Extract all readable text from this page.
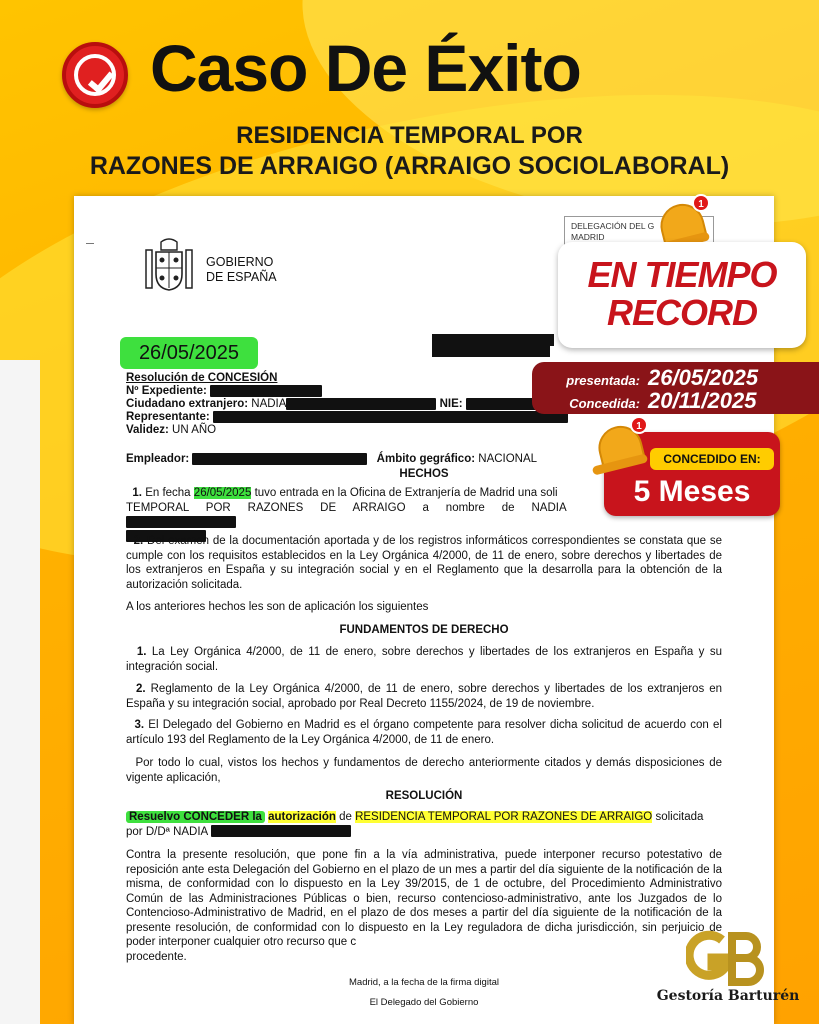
Caso De Éxito
RESIDENCIA TEMPORAL POR
RAZONES DE ARRAIGO (ARRAIGO SOCIOLABORAL)
GOBIERNO
DE ESPAÑA
DELEGACIÓN DEL G
MADRID
26/05/2025
Resolución de CONCESIÓN
Nº Expediente:
Ciudadano extranjero: NADIA	NIE:
Representante:
Validez: UN AÑO
Empleador:	Ámbito gegráfico: NACIONAL
HECHOS
1. En fecha 26/05/2025 tuvo entrada en la Oficina de Extranjería de Madrid una soli
TEMPORAL POR RAZONES DE ARRAIGO a nombre de NADIA

2. Del examen de la documentación aportada y de los registros informáticos correspondientes se constata que se cumple con los requisitos establecidos en la Ley Orgánica 4/2000, de 11 de enero, sobre derechos y libertades de los extranjeros en España y su integración social y en el Reglamento que la desarrolla para la obtención de la autorización solicitada.
A los anteriores hechos les son de aplicación los siguientes
FUNDAMENTOS DE DERECHO
1. La Ley Orgánica 4/2000, de 11 de enero, sobre derechos y libertades de los extranjeros en España y su integración social.
2. Reglamento de la Ley Orgánica 4/2000, de 11 de enero, sobre derechos y libertades de los extranjeros en España y su integración social, aprobado por Real Decreto 1155/2024, de 19 de noviembre.
3. El Delegado del Gobierno en Madrid es el órgano competente para resolver dicha solicitud de acuerdo con el artículo 193 del Reglamento de la Ley Orgánica 4/2000, de 11 de enero.
Por todo lo cual, vistos los hechos y fundamentos de derecho anteriormente citados y demás disposiciones de vigente aplicación,
RESOLUCIÓN
Resuelvo CONCEDER la autorización de RESIDENCIA TEMPORAL POR RAZONES DE ARRAIGO solicitada
por D/Dª NADIA
Contra la presente resolución, que pone fin a la vía administrativa, puede interponer recurso potestativo de reposición ante esta Delegación del Gobierno en el plazo de un mes a partir del día siguiente de la notificación de la misma, de conformidad con lo dispuesto en la Ley 39/2015, de 1 de octubre, del Procedimiento Administrativo Común de las Administraciones Públicas o bien, recurso contencioso-administrativo, ante los Juzgados de lo Contencioso-Administrativo de Madrid, en el plazo de dos meses a partir del día siguiente de la notificación de la presente resolución, de conformidad con lo dispuesto en la Ley reguladora de dicha jurisdicción, sin perjuicio de poder interponer cualquier otro recurso que c
procedente.
Madrid, a la fecha de la firma digital
El Delegado del Gobierno
1
EN TIEMPO
RECORD
presentada: 26/05/2025
Concedida: 20/11/2025
CONCEDIDO EN:
5 Meses
1
Gestoría Barturén
